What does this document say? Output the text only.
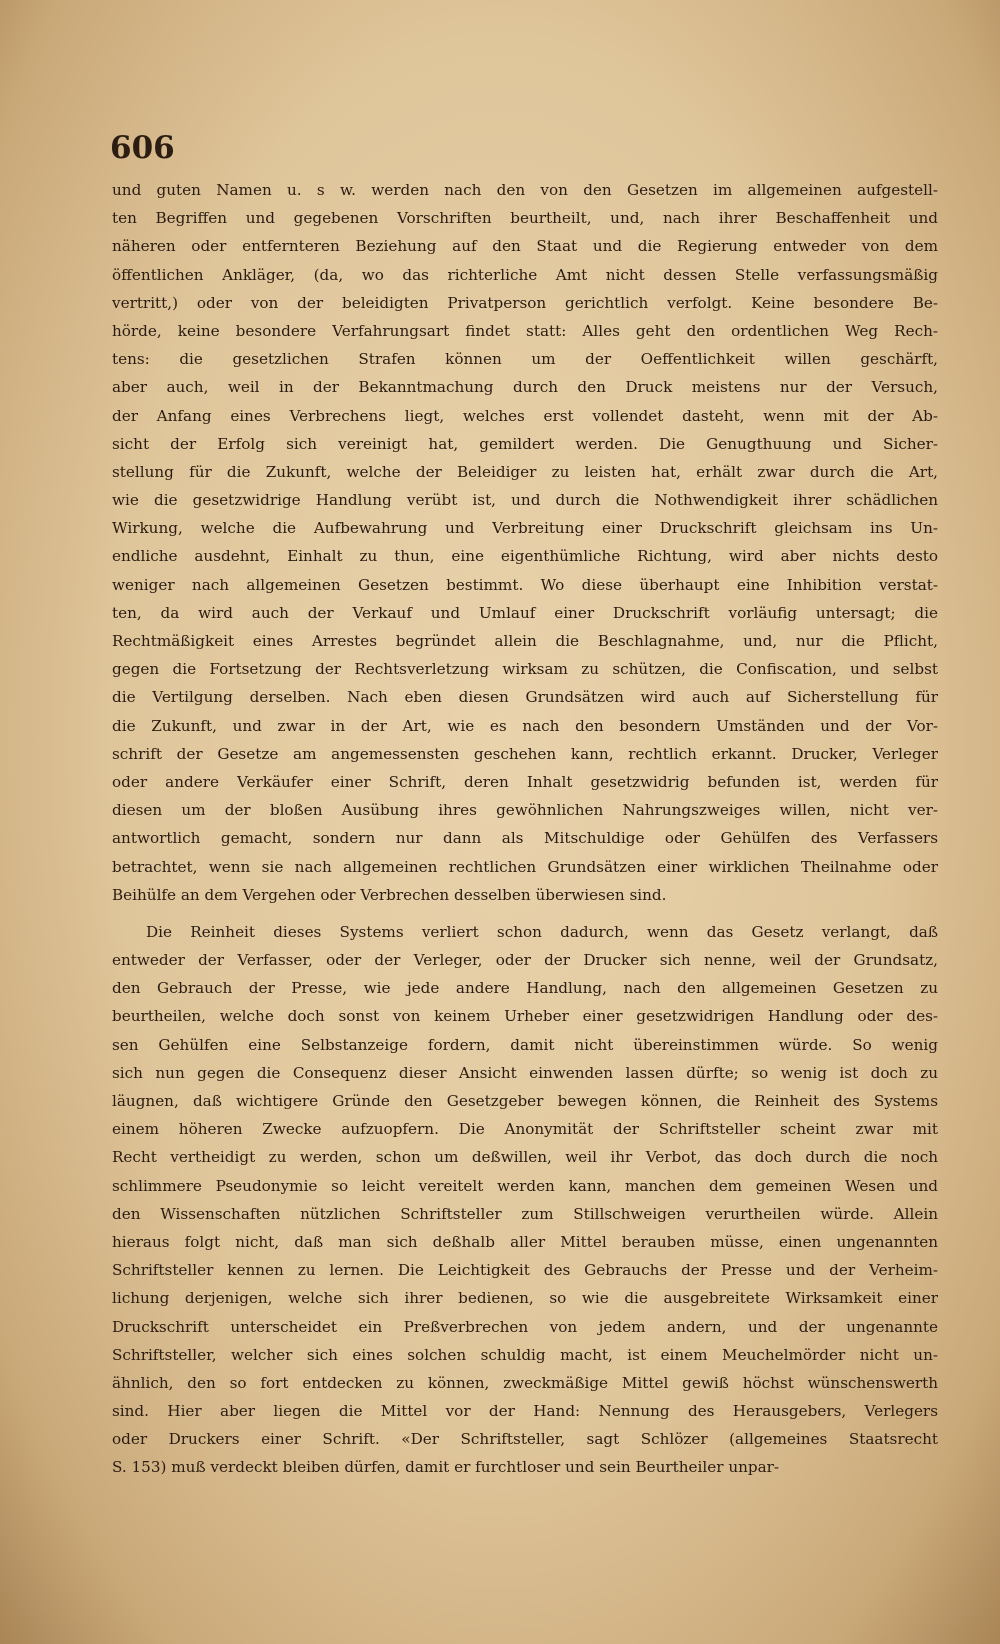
606
und guten Namen u. s w. werden nach den von den Gesetzen im allgemeinen aufgestell-
ten Begriffen und gegebenen Vorschriften beurtheilt, und, nach ihrer Beschaffenheit und
näheren oder entfernteren Beziehung auf den Staat und die Regierung entweder von dem
öffentlichen Ankläger, (da, wo das richterliche Amt nicht dessen Stelle verfassungsmäßig
vertritt,) oder von der beleidigten Privatperson gerichtlich verfolgt. Keine besondere Be-
hörde, keine besondere Verfahrungsart findet statt: Alles geht den ordentlichen Weg Rech-
tens: die gesetzlichen Strafen können um der Oeffentlichkeit willen geschärft,
aber auch, weil in der Bekanntmachung durch den Druck meistens nur der Versuch,
der Anfang eines Verbrechens liegt, welches erst vollendet dasteht, wenn mit der Ab-
sicht der Erfolg sich vereinigt hat, gemildert werden. Die Genugthuung und Sicher-
stellung für die Zukunft, welche der Beleidiger zu leisten hat, erhält zwar durch die Art,
wie die gesetzwidrige Handlung verübt ist, und durch die Nothwendigkeit ihrer schädlichen
Wirkung, welche die Aufbewahrung und Verbreitung einer Druckschrift gleichsam ins Un-
endliche ausdehnt, Einhalt zu thun, eine eigenthümliche Richtung, wird aber nichts desto
weniger nach allgemeinen Gesetzen bestimmt. Wo diese überhaupt eine Inhibition verstat-
ten, da wird auch der Verkauf und Umlauf einer Druckschrift vorläufig untersagt; die
Rechtmäßigkeit eines Arrestes begründet allein die Beschlagnahme, und, nur die Pflicht,
gegen die Fortsetzung der Rechtsverletzung wirksam zu schützen, die Confiscation, und selbst
die Vertilgung derselben. Nach eben diesen Grundsätzen wird auch auf Sicherstellung für
die Zukunft, und zwar in der Art, wie es nach den besondern Umständen und der Vor-
schrift der Gesetze am angemessensten geschehen kann, rechtlich erkannt. Drucker, Verleger
oder andere Verkäufer einer Schrift, deren Inhalt gesetzwidrig befunden ist, werden für
diesen um der bloßen Ausübung ihres gewöhnlichen Nahrungszweiges willen, nicht ver-
antwortlich gemacht, sondern nur dann als Mitschuldige oder Gehülfen des Verfassers
betrachtet, wenn sie nach allgemeinen rechtlichen Grundsätzen einer wirklichen Theilnahme oder
Beihülfe an dem Vergehen oder Verbrechen desselben überwiesen sind.
Die Reinheit dieses Systems verliert schon dadurch, wenn das Gesetz verlangt, daß
entweder der Verfasser, oder der Verleger, oder der Drucker sich nenne, weil der Grundsatz,
den Gebrauch der Presse, wie jede andere Handlung, nach den allgemeinen Gesetzen zu
beurtheilen, welche doch sonst von keinem Urheber einer gesetzwidrigen Handlung oder des-
sen Gehülfen eine Selbstanzeige fordern, damit nicht übereinstimmen würde. So wenig
sich nun gegen die Consequenz dieser Ansicht einwenden lassen dürfte; so wenig ist doch zu
läugnen, daß wichtigere Gründe den Gesetzgeber bewegen können, die Reinheit des Systems
einem höheren Zwecke aufzuopfern. Die Anonymität der Schriftsteller scheint zwar mit
Recht vertheidigt zu werden, schon um deßwillen, weil ihr Verbot, das doch durch die noch
schlimmere Pseudonymie so leicht vereitelt werden kann, manchen dem gemeinen Wesen und
den Wissenschaften nützlichen Schriftsteller zum Stillschweigen verurtheilen würde. Allein
hieraus folgt nicht, daß man sich deßhalb aller Mittel berauben müsse, einen ungenannten
Schriftsteller kennen zu lernen. Die Leichtigkeit des Gebrauchs der Presse und der Verheim-
lichung derjenigen, welche sich ihrer bedienen, so wie die ausgebreitete Wirksamkeit einer
Druckschrift unterscheidet ein Preßverbrechen von jedem andern, und der ungenannte
Schriftsteller, welcher sich eines solchen schuldig macht, ist einem Meuchelmörder nicht un-
ähnlich, den so fort entdecken zu können, zweckmäßige Mittel gewiß höchst wünschenswerth
sind. Hier aber liegen die Mittel vor der Hand: Nennung des Herausgebers, Verlegers
oder Druckers einer Schrift. «Der Schriftsteller, sagt Schlözer (allgemeines Staatsrecht
S. 153) muß verdeckt bleiben dürfen, damit er furchtloser und sein Beurtheiler unpar-
